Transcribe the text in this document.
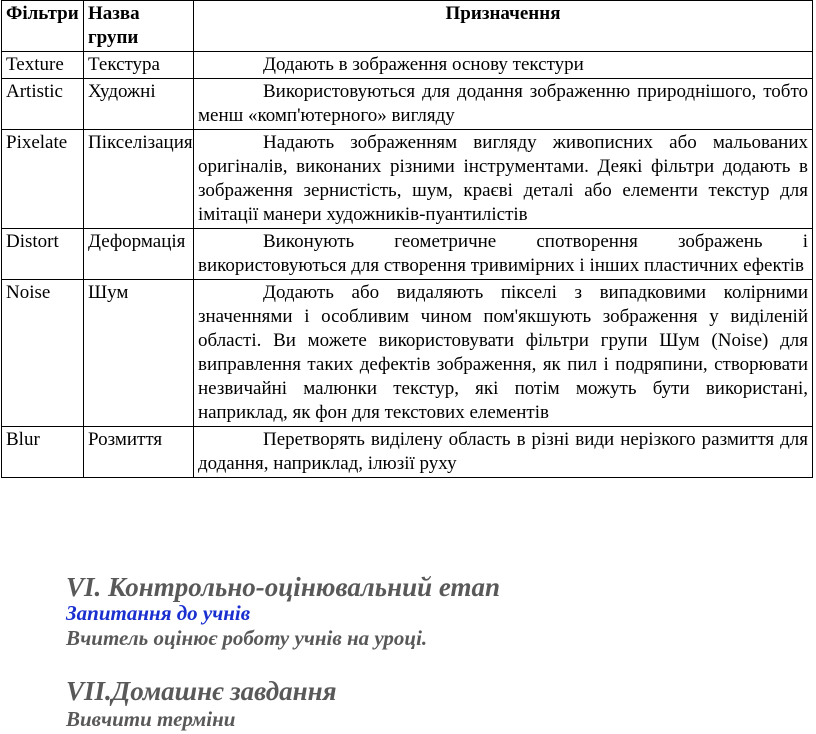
Фільтри	Назва групи	Призначення
Texture	Текстура	Додають в зображення основу текстури
Artistic	Художні	Використовуються для додання зображенню природнішого, тобто менш «комп'ютерного» вигляду
Pixelate	Пікселізация	Надають зображенням вигляду живописних або мальованих оригіналів, виконаних різними інструментами. Деякі фільтри додають в зображення зернистість, шум, краєві деталі або елементи текстур для імітації манери художників-пуантилістів
Distort	Деформація	Виконують геометричне спотворення зображень і використовуються для створення тривимірних і інших пластичних ефектів
Noise	Шум	Додають або видаляють пікселі з випадковими колірними значеннями і особливим чином пом'якшують зображення у виділеній області. Ви можете використовувати фільтри групи Шум (Noise) для виправлення таких дефектів зображення, як пил і подряпини, створювати незвичайні малюнки текстур, які потім можуть бути використані, наприклад, як фон для текстових елементів
Blur	Розмиття	Перетворять виділену область в різні види нерізкого размиття для додання, наприклад, ілюзії руху

VI. Контрольно-оцінювальний етап

Запитання до учнів

Вчитель оцінює роботу учнів на уроці.

VII.Домашнє завдання

Вивчити терміни
